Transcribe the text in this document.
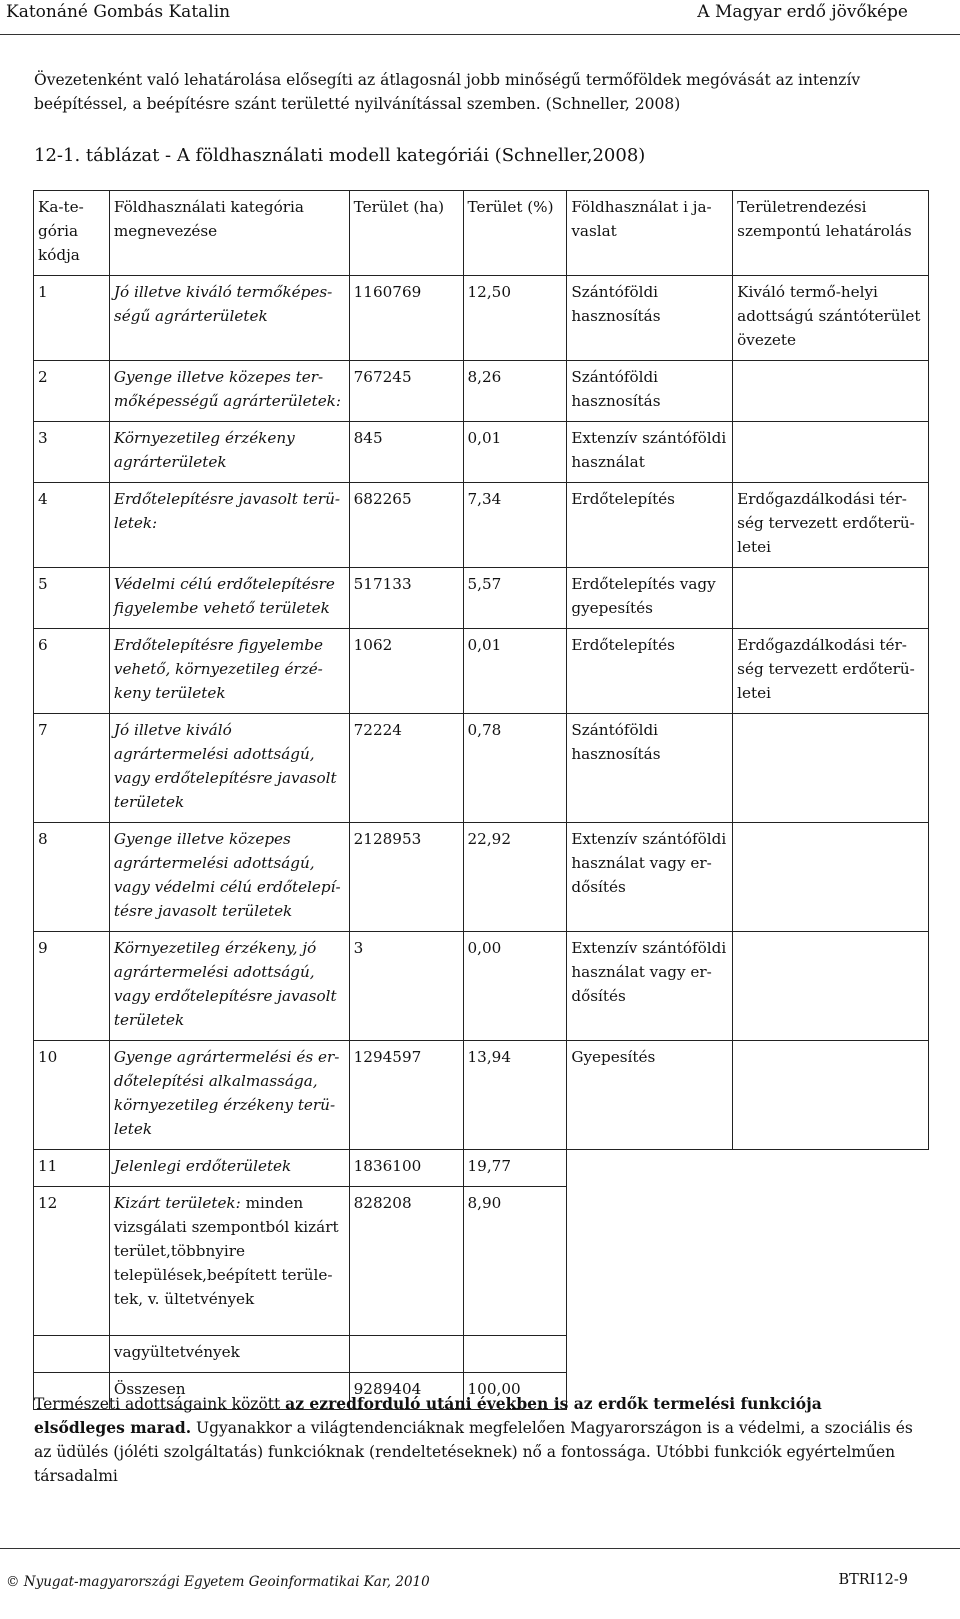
Katonáné Gombás Katalin	A Magyar erdő jövőképe

Övezetenként való lehatárolása elősegíti az átlagosnál jobb minőségű termőföldek megóvását az intenzív beépítéssel, a beépítésre szánt területté nyilvánítással szemben. (Schneller, 2008)

12-1. táblázat - A földhasználati modell kategóriái (Schneller,2008)
Ka-te-gória kódja	Földhasználati kategória megnevezése	Terület (ha)	Terület (%)	Földhasználat i ja-vaslat	Területrendezési szempontú lehatárolás
1	Jó illetve kiváló termőképes-ségű agrárterületek	1160769	12,50	Szántóföldi hasznosítás	Kiváló termő-helyi adottságú szántóterület övezete
2	Gyenge illetve közepes ter-mőképességű agrárterületek:	767245	8,26	Szántóföldi hasznosítás	
3	Környezetileg érzékeny agrárterületek	845	0,01	Extenzív szántóföldi használat	
4	Erdőtelepítésre javasolt terü-letek:	682265	7,34	Erdőtelepítés	Erdőgazdálkodási tér-ség tervezett erdőterü-letei
5	Védelmi célú erdőtelepítésre figyelembe vehető területek	517133	5,57	Erdőtelepítés vagy gyepesítés	
6	Erdőtelepítésre figyelembe vehető, környezetileg érzé-keny területek	1062	0,01	Erdőtelepítés	Erdőgazdálkodási tér-ség tervezett erdőterü-letei
7	Jó illetve kiváló agrártermelési adottságú, vagy erdőtelepítésre javasolt területek	72224	0,78	Szántóföldi hasznosítás	
8	Gyenge illetve közepes agrártermelési adottságú, vagy védelmi célú erdőtelepí-tésre javasolt területek	2128953	22,92	Extenzív szántóföldi használat vagy er-dősítés	
9	Környezetileg érzékeny, jó agrártermelési adottságú, vagy erdőtelepítésre javasolt területek	3	0,00	Extenzív szántóföldi használat vagy er-dősítés	
10	Gyenge agrártermelési és er-dőtelepítési alkalmassága, környezetileg érzékeny terü-letek	1294597	13,94	Gyepesítés	
11	Jelenlegi erdőterületek	1836100	19,77		
12	Kizárt területek: minden vizsgálati szempontból kizárt terület,többnyire települések,beépített terüle-tek, v. ültetvények	828208	8,90		
	vagyültetvények				
	Összesen	9289404	100,00		

Természeti adottságaink között az ezredforduló utáni években is az erdők termelési funkciója elsődleges marad. Ugyanakkor a világtendenciáknak megfelelően Magyarországon is a védelmi, a szociális és az üdülés (jóléti szolgáltatás) funkcióknak (rendeltetéseknek) nő a fontossága. Utóbbi funkciók egyértelműen társadalmi

© Nyugat-magyarországi Egyetem Geoinformatikai Kar, 2010	BTRI12-9
